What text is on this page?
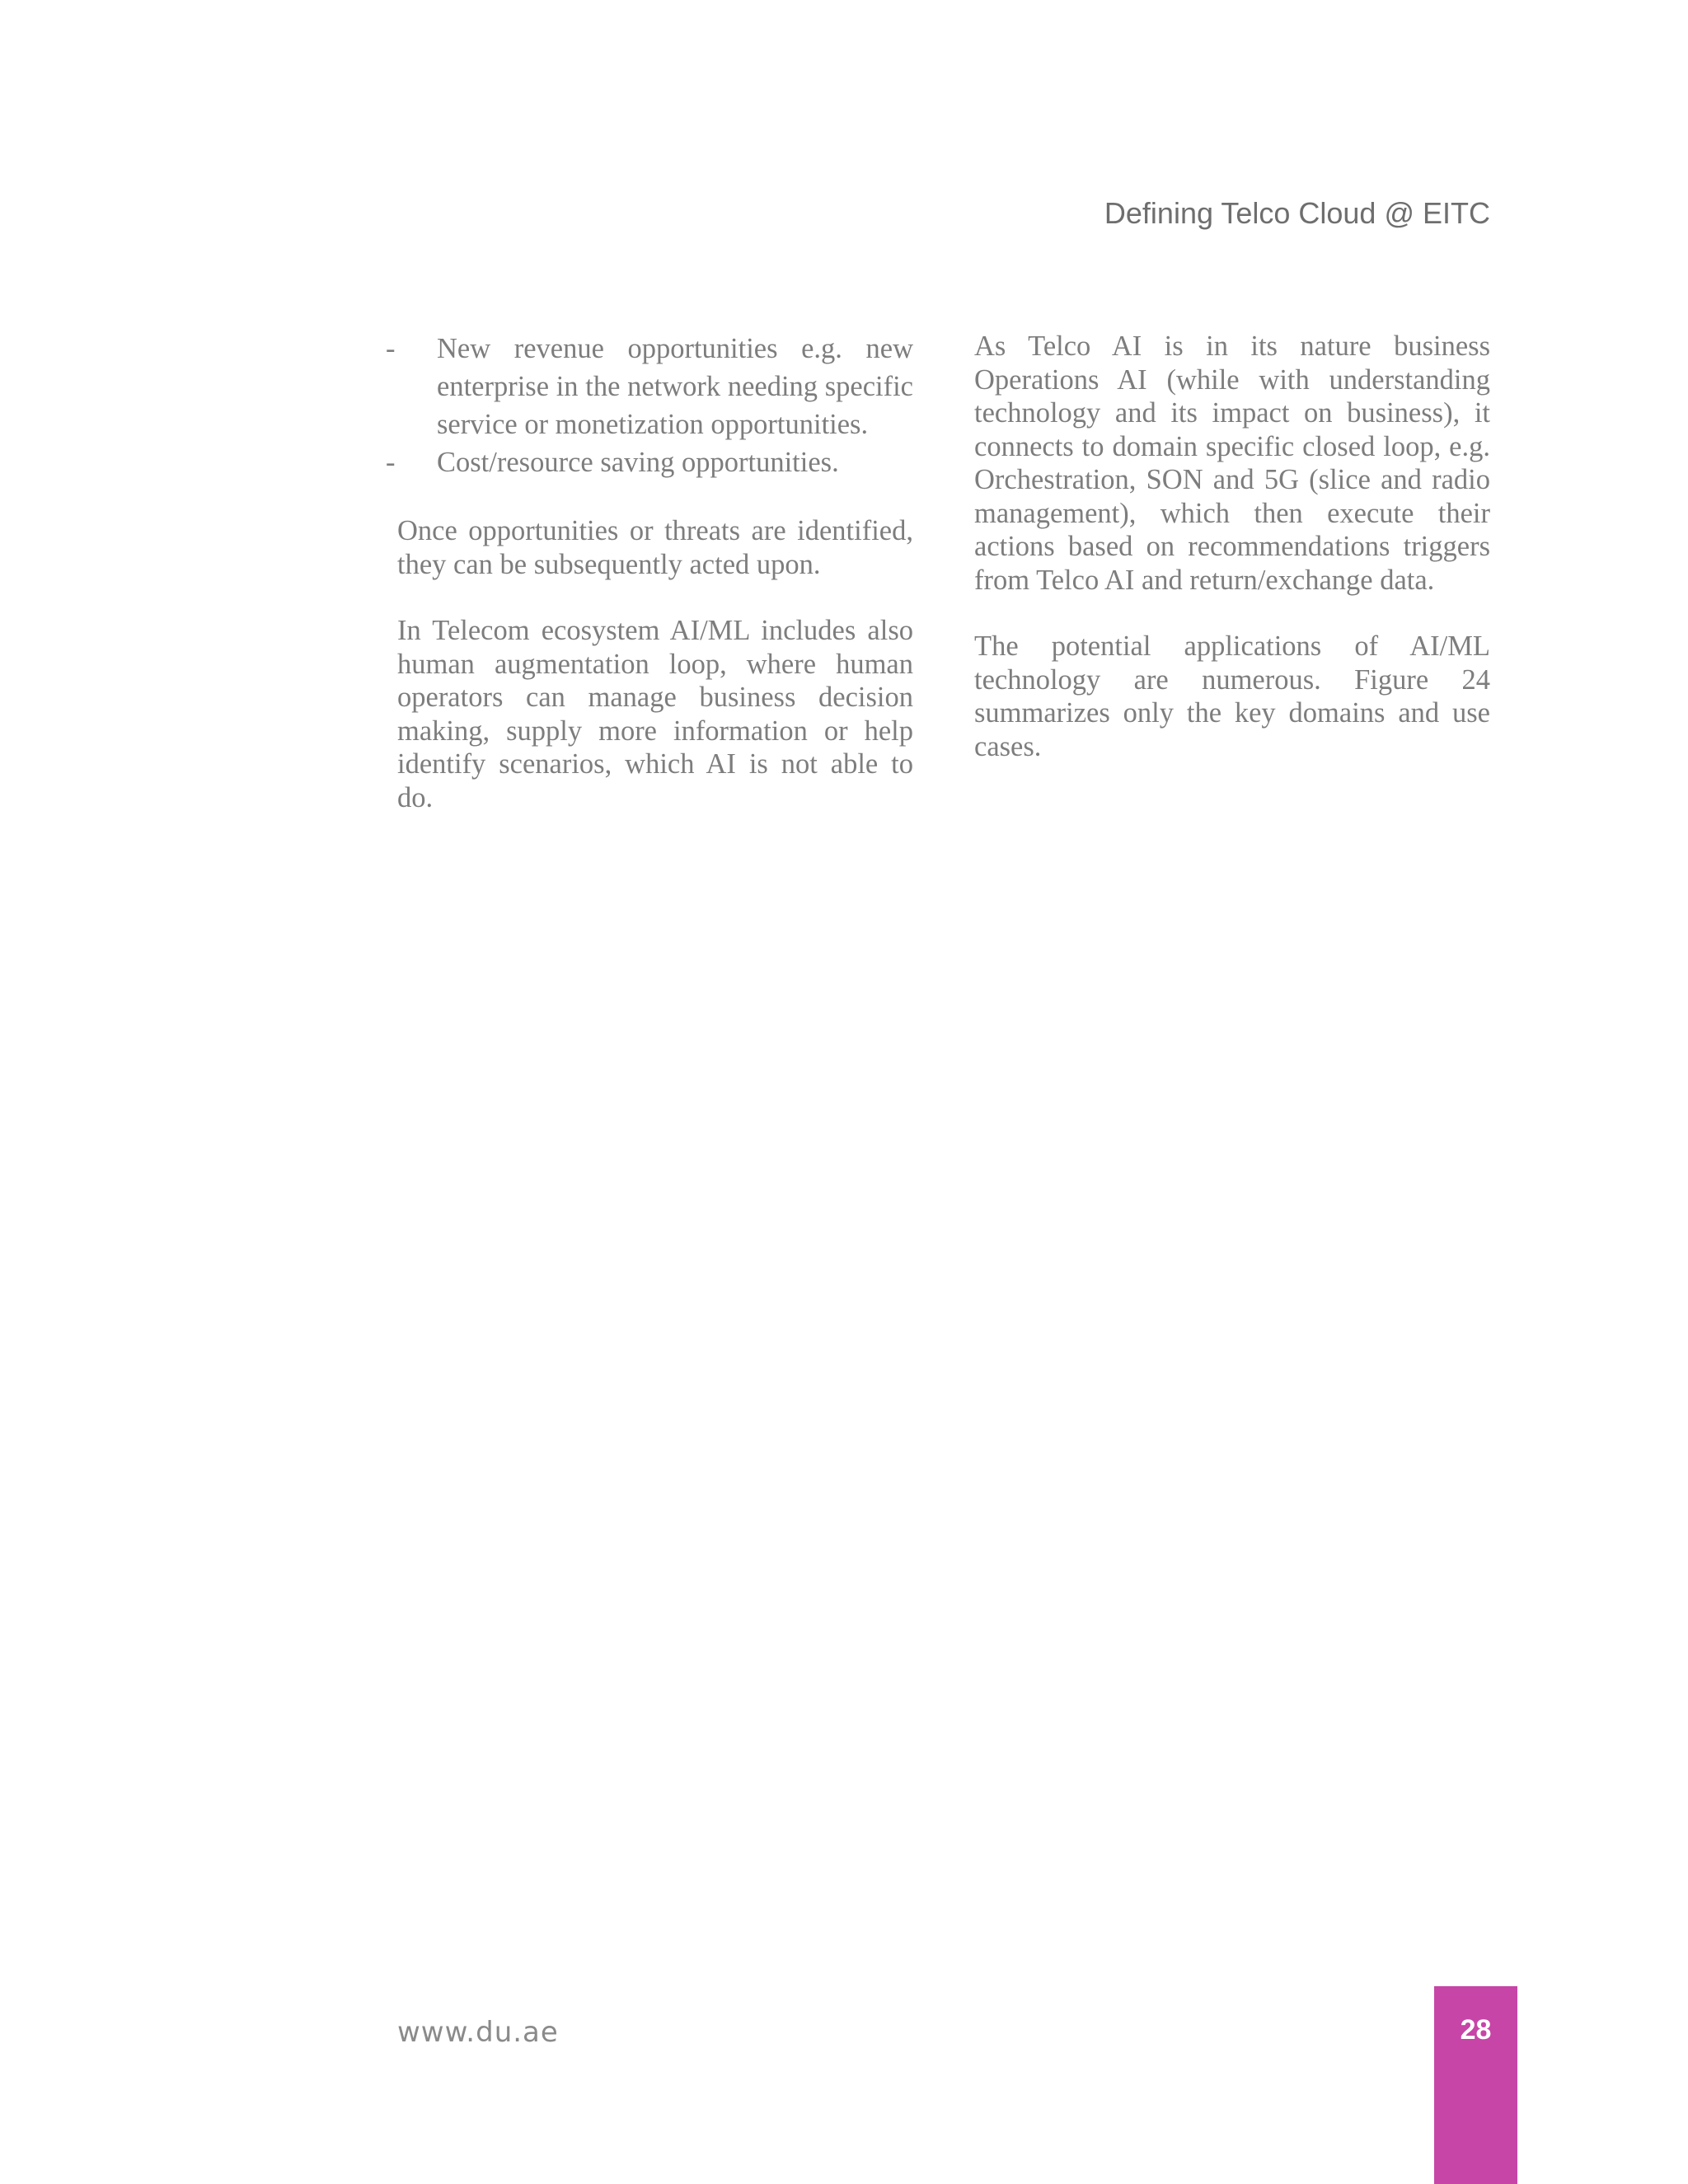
Defining Telco Cloud @ EITC
-	New revenue opportunities e.g. new enterprise in the network needing specific service or monetization opportunities.
-	Cost/resource saving opportunities.

Once opportunities or threats are identified, they can be subsequently acted upon.

In Telecom ecosystem AI/ML includes also human augmentation loop, where human operators can manage business decision making, supply more information or help identify scenarios, which AI is not able to do.

As Telco AI is in its nature business Operations AI (while with understanding technology and its impact on business), it connects to domain specific closed loop, e.g. Orchestration, SON and 5G (slice and radio management), which then execute their actions based on recommendations triggers from Telco AI and return/exchange data.

The potential applications of AI/ML technology are numerous. Figure 24 summarizes only the key domains and use cases.

www.du.ae	28
